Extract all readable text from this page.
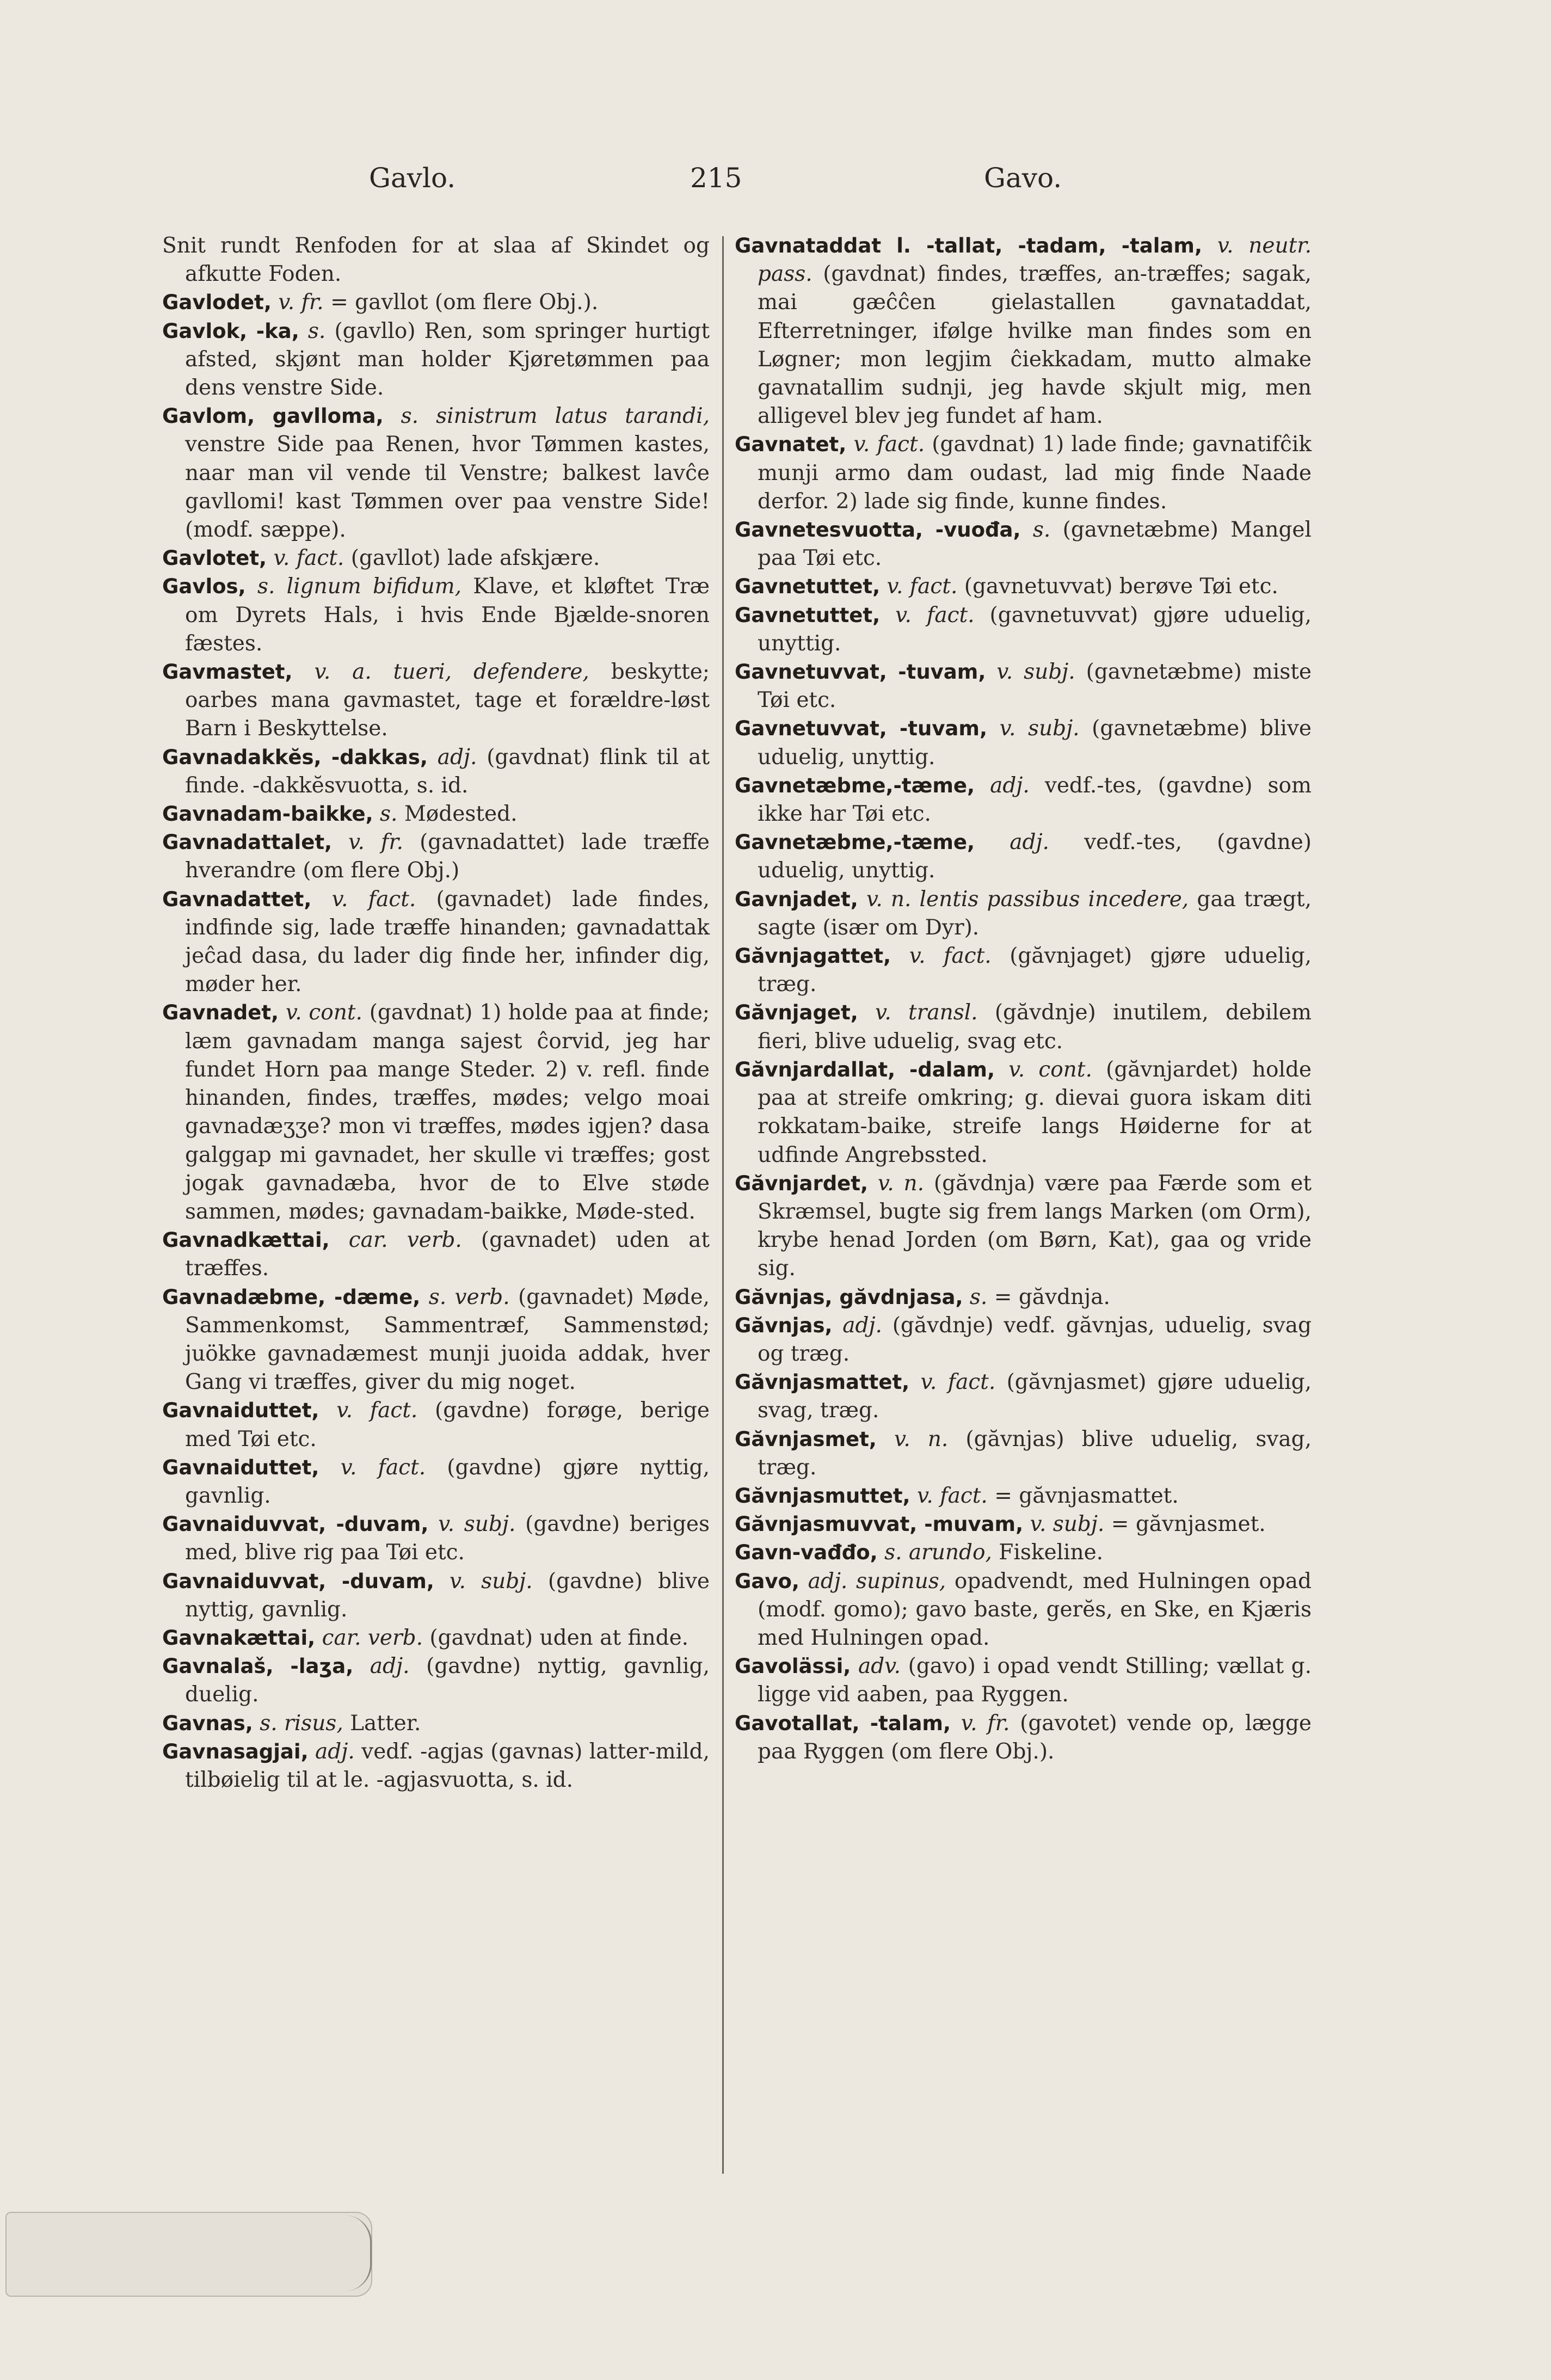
Gavlo.	215	Gavo.

Snit rundt Renfoden for at slaa af Skindet og afkutte Foden.

Gavlodet, v. fr. = gavllot (om flere Obj.).

Gavlok, -ka, s. (gavllo) Ren, som springer hurtigt afsted, skjønt man holder Kjøretømmen paa dens venstre Side.

Gavlom, gavlloma, s. sinistrum latus tarandi, venstre Side paa Renen, hvor Tømmen kastes, naar man vil vende til Venstre; balkest lavĉe gavllomi! kast Tømmen over paa venstre Side! (modf. sæppe).

Gavlotet, v. fact. (gavllot) lade afskjære.

Gavlos, s. lignum bifidum, Klave, et kløftet Træ om Dyrets Hals, i hvis Ende Bjælde-snoren fæstes.

Gavmastet, v. a. tueri, defendere, beskytte; oarbes mana gavmastet, tage et forældre-løst Barn i Beskyttelse.

Gavnadakkĕs, -dakkas, adj. (gavdnat) flink til at finde. -dakkĕsvuotta, s. id.

Gavnadam-baikke, s. Mødested.

Gavnadattalet, v. fr. (gavnadattet) lade træffe hverandre (om flere Obj.)

Gavnadattet, v. fact. (gavnadet) lade findes, indfinde sig, lade træffe hinanden; gavnadattak jeĉad dasa, du lader dig finde her, infinder dig, møder her.

Gavnadet, v. cont. (gavdnat) 1) holde paa at finde; læm gavnadam manga sajest ĉorvid, jeg har fundet Horn paa mange Steder. 2) v. refl. finde hinanden, findes, træffes, mødes; velgo moai gavnadæʒʒe? mon vi træffes, mødes igjen? dasa galggap mi gavnadet, her skulle vi træffes; gost jogak gavnadæba, hvor de to Elve støde sammen, mødes; gavnadam-baikke, Møde-sted.

Gavnadkættai, car. verb. (gavnadet) uden at træffes.

Gavnadæbme, -dæme, s. verb. (gavnadet) Møde, Sammenkomst, Sammentræf, Sammenstød; juökke gavnadæmest munji juoida addak, hver Gang vi træffes, giver du mig noget.

Gavnaiduttet, v. fact. (gavdne) forøge, berige med Tøi etc.

Gavnaiduttet, v. fact. (gavdne) gjøre nyttig, gavnlig.

Gavnaiduvvat, -duvam, v. subj. (gavdne) beriges med, blive rig paa Tøi etc.

Gavnaiduvvat, -duvam, v. subj. (gavdne) blive nyttig, gavnlig.

Gavnakættai, car. verb. (gavdnat) uden at finde.

Gavnalaš, -laʒa, adj. (gavdne) nyttig, gavnlig, duelig.

Gavnas, s. risus, Latter.

Gavnasagjai, adj. vedf. -agjas (gavnas) latter-mild, tilbøielig til at le. -agjasvuotta, s. id.

Gavnataddat l. -tallat, -tadam, -talam, v. neutr. pass. (gavdnat) findes, træffes, an-træffes; sagak, mai gæĉĉen gielastallen gavnataddat, Efterretninger, ifølge hvilke man findes som en Løgner; mon legjim ĉiekkadam, mutto almake gavnatallim sudnji, jeg havde skjult mig, men alligevel blev jeg fundet af ham.

Gavnatet, v. fact. (gavdnat) 1) lade finde; gavnatifĉik munji armo dam oudast, lad mig finde Naade derfor. 2) lade sig finde, kunne findes.

Gavnetesvuotta, -vuođa, s. (gavnetæbme) Mangel paa Tøi etc.

Gavnetuttet, v. fact. (gavnetuvvat) berøve Tøi etc.

Gavnetuttet, v. fact. (gavnetuvvat) gjøre uduelig, unyttig.

Gavnetuvvat, -tuvam, v. subj. (gavnetæbme) miste Tøi etc.

Gavnetuvvat, -tuvam, v. subj. (gavnetæbme) blive uduelig, unyttig.

Gavnetæbme,-tæme, adj. vedf.-tes, (gavdne) som ikke har Tøi etc.

Gavnetæbme,-tæme, adj. vedf.-tes, (gavdne) uduelig, unyttig.

Gavnjadet, v. n. lentis passibus incedere, gaa trægt, sagte (især om Dyr).

Găvnjagattet, v. fact. (găvnjaget) gjøre uduelig, træg.

Găvnjaget, v. transl. (găvdnje) inutilem, debilem fieri, blive uduelig, svag etc.

Găvnjardallat, -dalam, v. cont. (găvnjardet) holde paa at streife omkring; g. dievai guora iskam diti rokkatam-baike, streife langs Høiderne for at udfinde Angrebssted.

Găvnjardet, v. n. (găvdnja) være paa Færde som et Skræmsel, bugte sig frem langs Marken (om Orm), krybe henad Jorden (om Børn, Kat), gaa og vride sig.

Găvnjas, găvdnjasa, s. = găvdnja.

Găvnjas, adj. (găvdnje) vedf. găvnjas, uduelig, svag og træg.

Găvnjasmattet, v. fact. (găvnjasmet) gjøre uduelig, svag, træg.

Găvnjasmet, v. n. (găvnjas) blive uduelig, svag, træg.

Găvnjasmuttet, v. fact. = găvnjasmattet.

Găvnjasmuvvat, -muvam, v. subj. = găvnjasmet.

Gavn-vađđo, s. arundo, Fiskeline.

Gavo, adj. supinus, opadvendt, med Hulningen opad (modf. gomo); gavo baste, gerĕs, en Ske, en Kjæris med Hulningen opad.

Gavolässi, adv. (gavo) i opad vendt Stilling; vællat g. ligge vid aaben, paa Ryggen.

Gavotallat, -talam, v. fr. (gavotet) vende op, lægge paa Ryggen (om flere Obj.).
